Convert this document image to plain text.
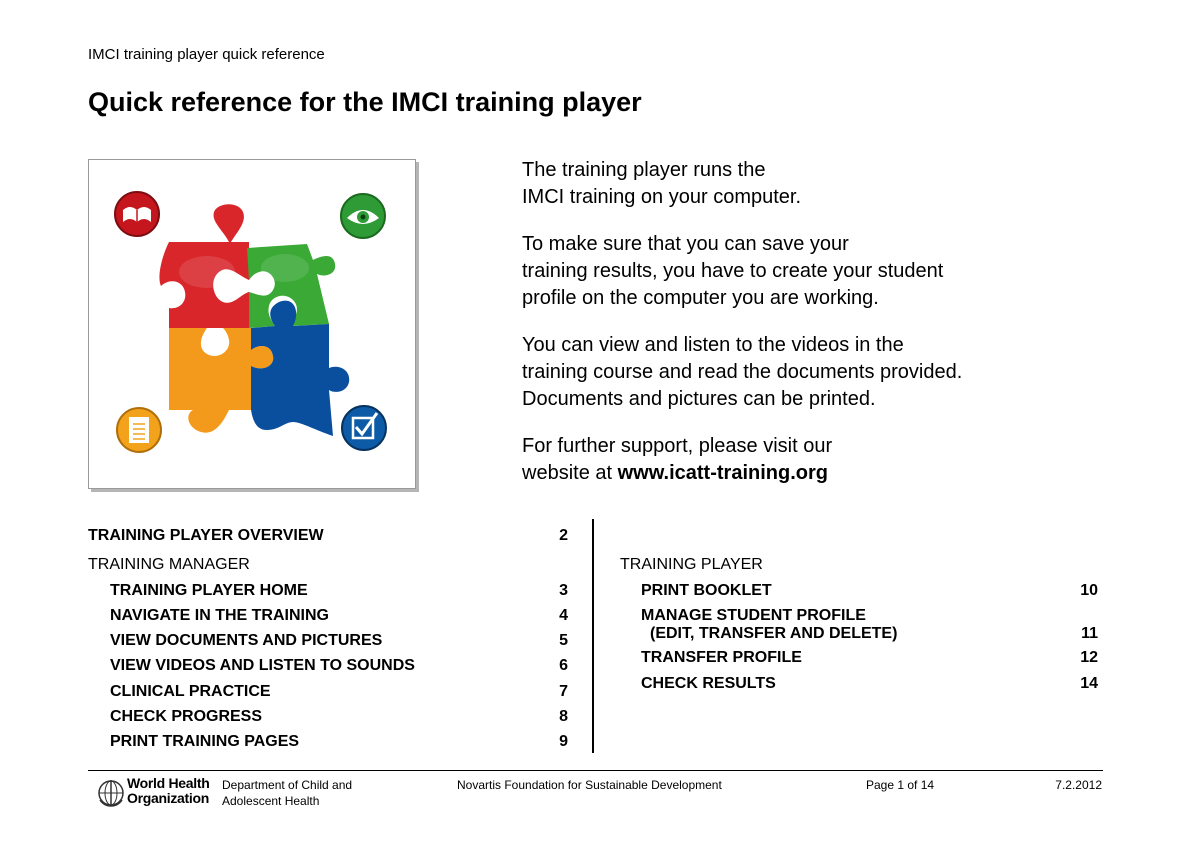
IMCI training player quick reference
Quick reference for the IMCI training player

The training player runs the
IMCI training on your computer.

To make sure that you can save your
training results, you have to create your student
profile on the computer you are working.

You can view and listen to the videos in the
training course and read the documents provided.
Documents and pictures can be printed.

For further support, please visit our
website at www.icatt-training.org

TRAINING PLAYER OVERVIEW	2
TRAINING MANAGER
TRAINING PLAYER HOME	3
NAVIGATE IN THE TRAINING	4
VIEW DOCUMENTS AND PICTURES	5
VIEW VIDEOS AND LISTEN TO SOUNDS	6
CLINICAL PRACTICE	7
CHECK PROGRESS	8
PRINT TRAINING PAGES	9
TRAINING PLAYER
PRINT BOOKLET	10
MANAGE STUDENT PROFILE
(EDIT, TRANSFER AND DELETE)	11
TRANSFER PROFILE	12
CHECK RESULTS	14
World Health
Organization
Department of Child and
Adolescent Health
Novartis Foundation for Sustainable Development	Page 1 of 14	7.2.2012
